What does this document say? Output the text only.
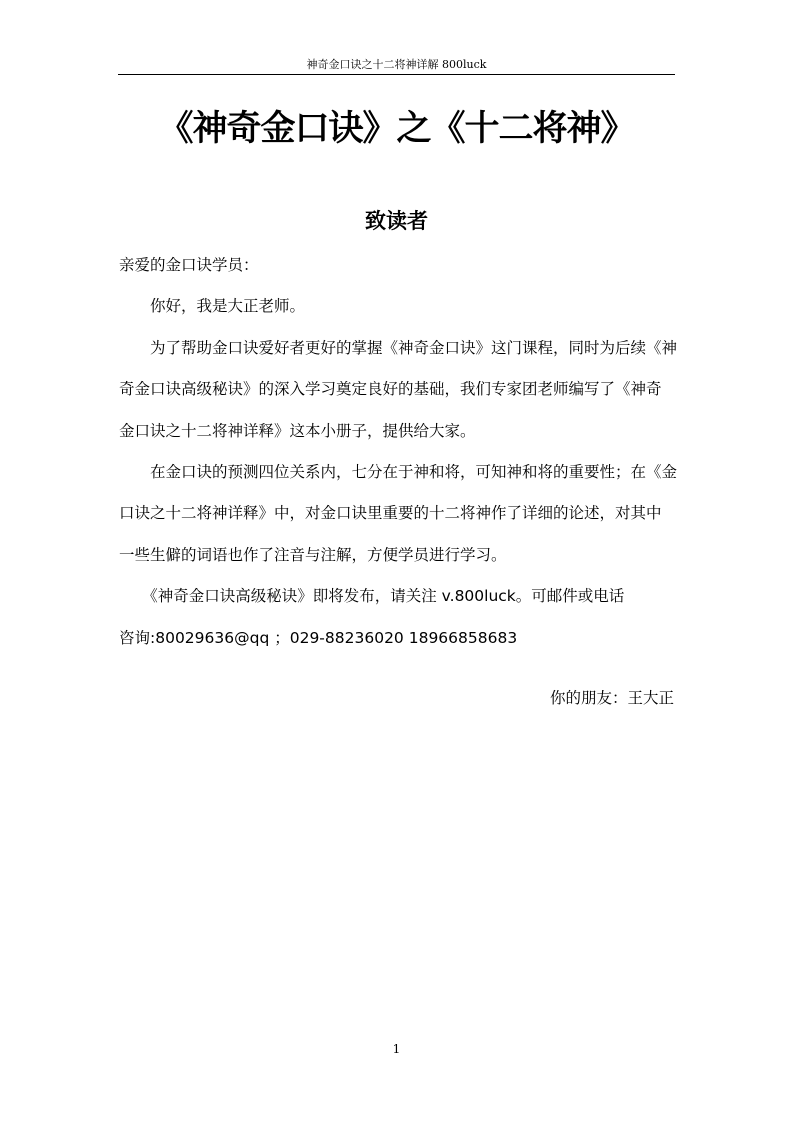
神奇金口诀之十二将神详解 800luck
《神奇金口诀》之《十二将神》
致读者
亲爱的金口诀学员：
　　你好，我是大正老师。
　　为了帮助金口诀爱好者更好的掌握《神奇金口诀》这门课程，同时为后续《神
奇金口诀高级秘诀》的深入学习奠定良好的基础，我们专家团老师编写了《神奇
金口诀之十二将神详释》这本小册子，提供给大家。
　　在金口诀的预测四位关系内，七分在于神和将，可知神和将的重要性；在《金
口诀之十二将神详释》中，对金口诀里重要的十二将神作了详细的论述，对其中
一些生僻的词语也作了注音与注解，方便学员进行学习。
　　《神奇金口诀高级秘诀》即将发布，请关注 v.800luck。可邮件或电话
咨询:80029636@qq ；029-88236020 18966858683
你的朋友：王大正
1
